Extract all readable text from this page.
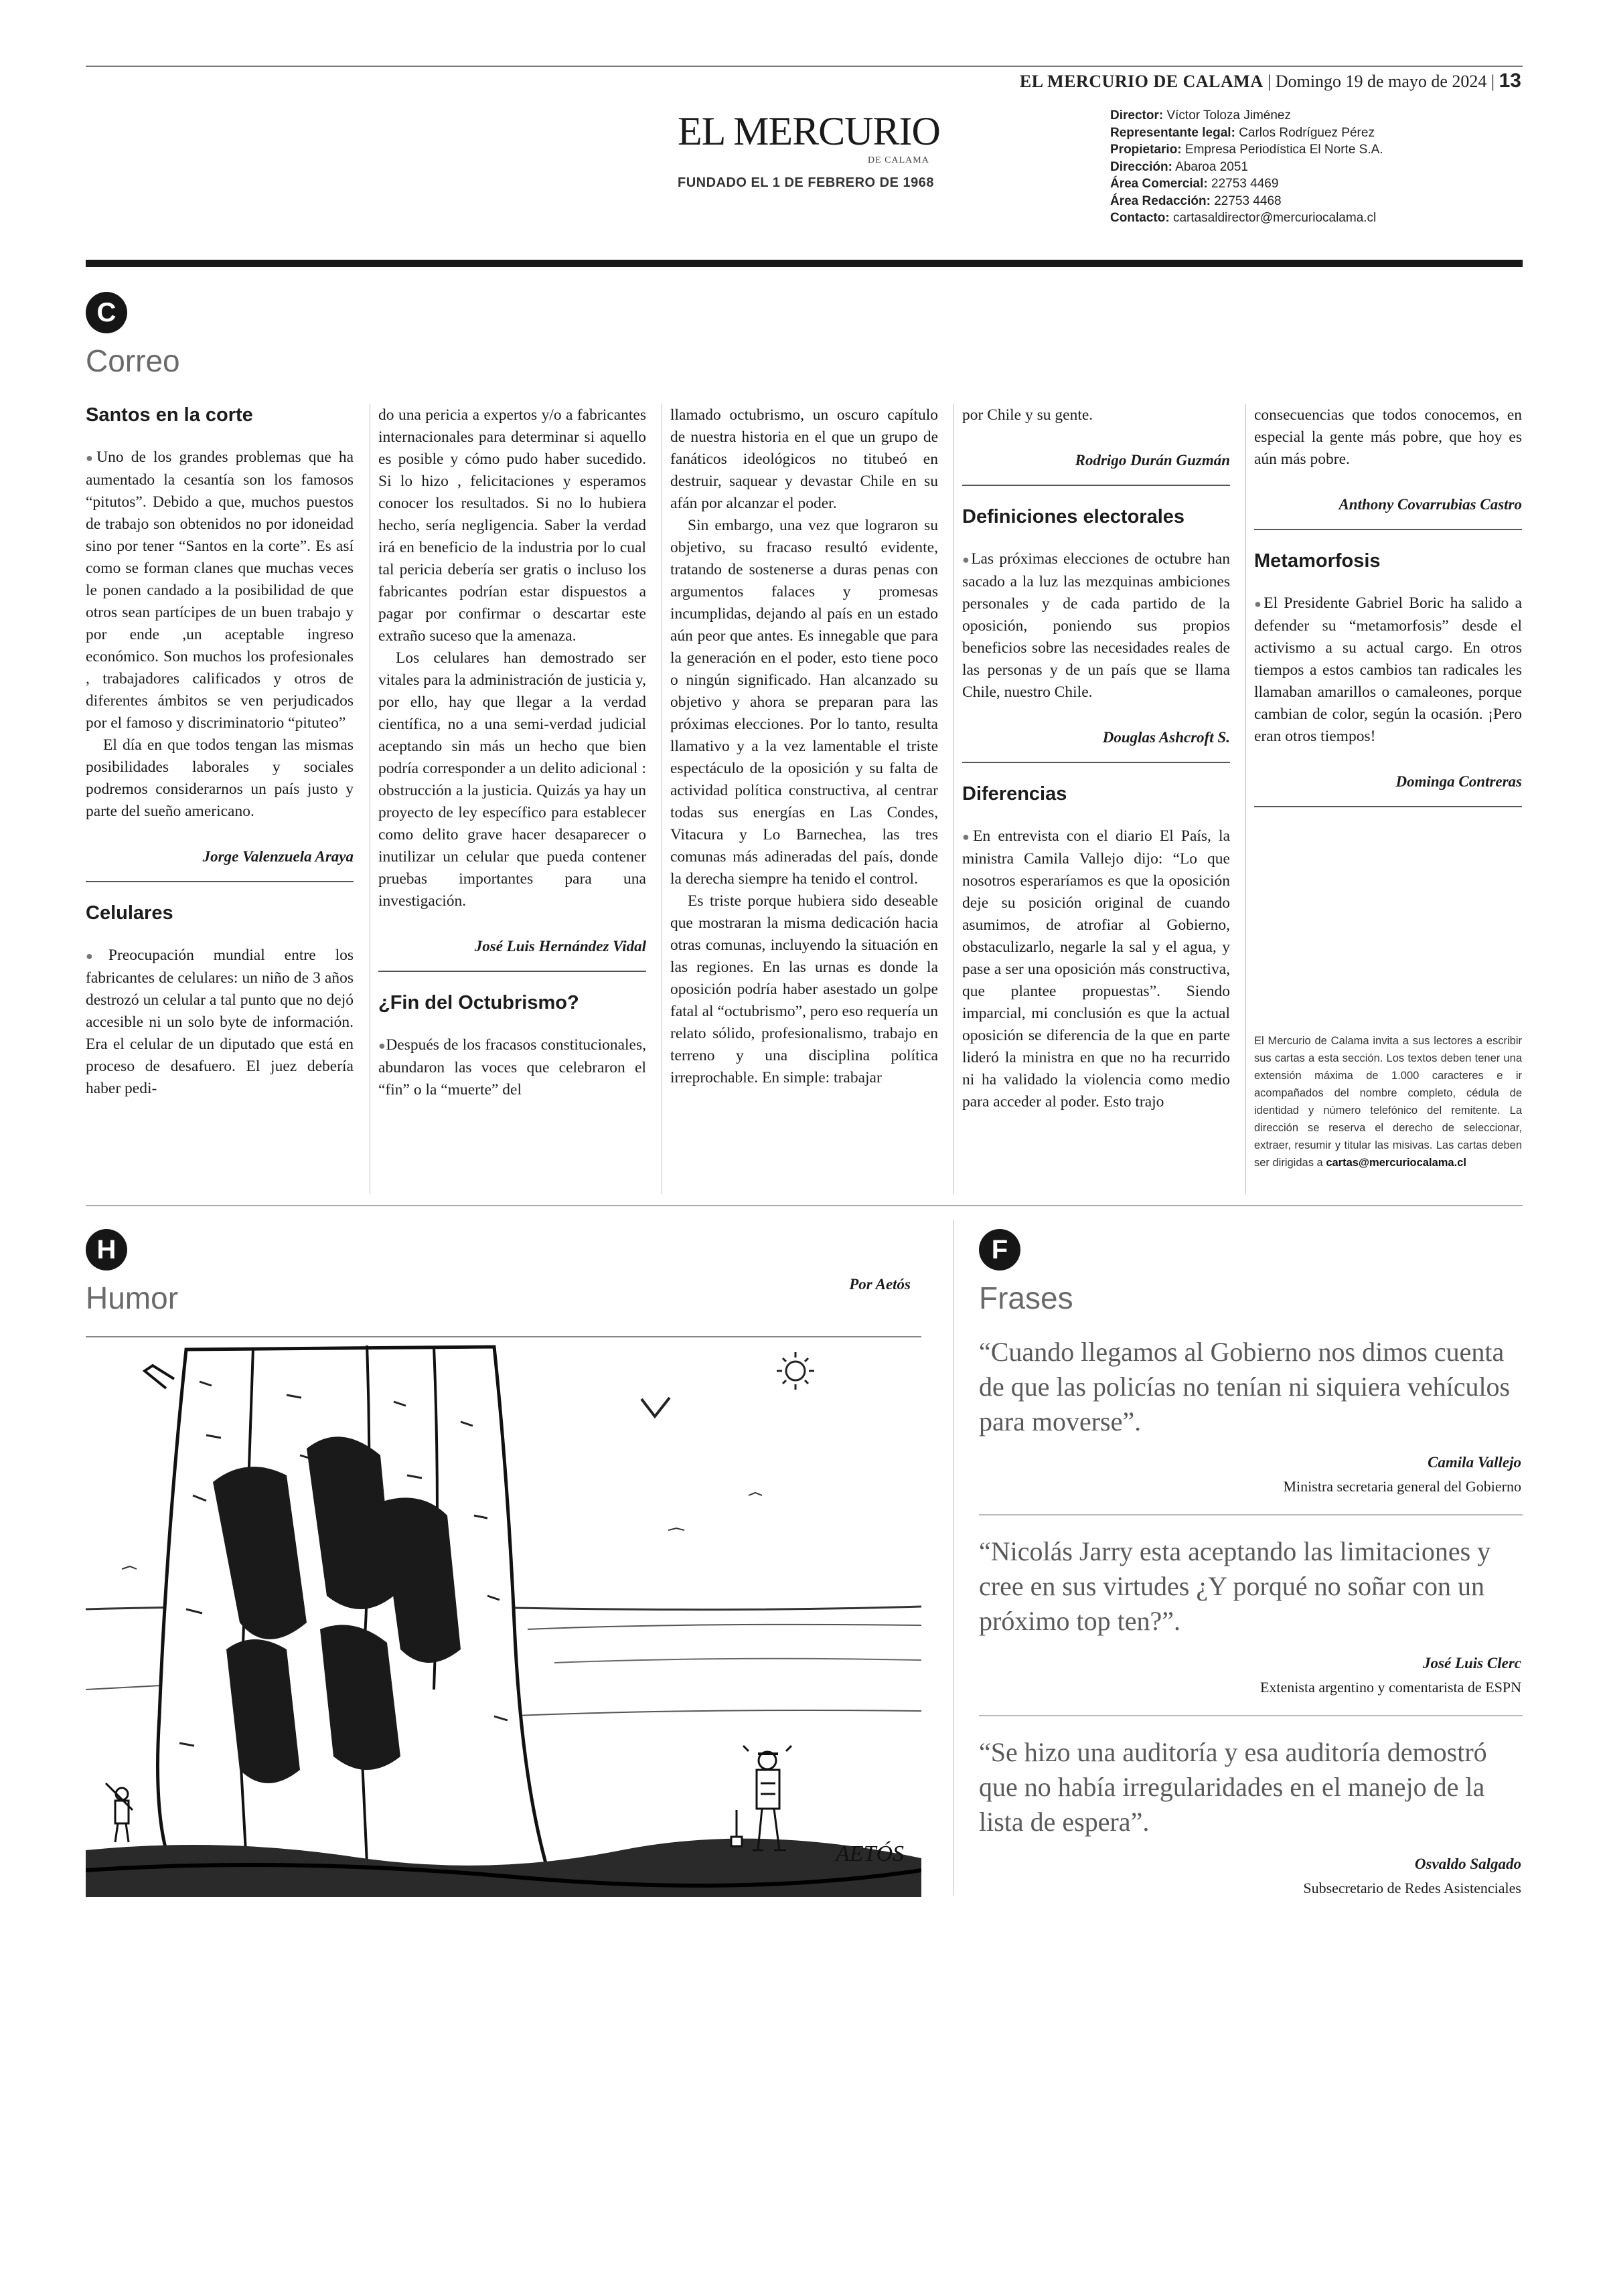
EL MERCURIO DE CALAMA | Domingo 19 de mayo de 2024 | 13
EL MERCURIO
DE CALAMA
FUNDADO EL 1 DE FEBRERO DE 1968
Director: Víctor Toloza Jiménez
Representante legal: Carlos Rodríguez Pérez
Propietario: Empresa Periodística El Norte S.A.
Dirección: Abaroa 2051
Área Comercial: 22753 4469
Área Redacción: 22753 4468
Contacto: cartasaldirector@mercuriocalama.cl
C
Correo
Santos en la corte

● Uno de los grandes problemas que ha aumentado la cesantía son los famosos “pitutos”. Debido a que, muchos puestos de trabajo son obtenidos no por idoneidad sino por tener “Santos en la corte”. Es así como se forman clanes que muchas veces le ponen candado a la posibilidad de que otros sean partícipes de un buen trabajo y por ende ,un aceptable ingreso económico. Son muchos los profesionales , trabajadores calificados y otros de diferentes ámbitos se ven perjudicados por el famoso y discriminatorio “pituteo”

El día en que todos tengan las mismas posibilidades laborales y sociales podremos considerarnos un país justo y parte del sueño americano.

Jorge Valenzuela Araya
Celulares

● Preocupación mundial entre los fabricantes de celulares: un niño de 3 años destrozó un celular a tal punto que no dejó accesible ni un solo byte de información. Era el celular de un diputado que está en proceso de desafuero. El juez debería haber pedi-

do una pericia a expertos y/o a fabricantes internacionales para determinar si aquello es posible y cómo pudo haber sucedido. Si lo hizo , felicitaciones y esperamos conocer los resultados. Si no lo hubiera hecho, sería negligencia. Saber la verdad irá en beneficio de la industria por lo cual tal pericia debería ser gratis o incluso los fabricantes podrían estar dispuestos a pagar por confirmar o descartar este extraño suceso que la amenaza.

Los celulares han demostrado ser vitales para la administración de justicia y, por ello, hay que llegar a la verdad científica, no a una semi-verdad judicial aceptando sin más un hecho que bien podría corresponder a un delito adicional : obstrucción a la justicia. Quizás ya hay un proyecto de ley específico para establecer como delito grave hacer desaparecer o inutilizar un celular que pueda contener pruebas importantes para una investigación.

José Luis Hernández Vidal
¿Fin del Octubrismo?

● Después de los fracasos constitucionales, abundaron las voces que celebraron el “fin” o la “muerte” del

llamado octubrismo, un oscuro capítulo de nuestra historia en el que un grupo de fanáticos ideológicos no titubeó en destruir, saquear y devastar Chile en su afán por alcanzar el poder.

Sin embargo, una vez que lograron su objetivo, su fracaso resultó evidente, tratando de sostenerse a duras penas con argumentos falaces y promesas incumplidas, dejando al país en un estado aún peor que antes. Es innegable que para la generación en el poder, esto tiene poco o ningún significado. Han alcanzado su objetivo y ahora se preparan para las próximas elecciones. Por lo tanto, resulta llamativo y a la vez lamentable el triste espectáculo de la oposición y su falta de actividad política constructiva, al centrar todas sus energías en Las Condes, Vitacura y Lo Barnechea, las tres comunas más adineradas del país, donde la derecha siempre ha tenido el control.

Es triste porque hubiera sido deseable que mostraran la misma dedicación hacia otras comunas, incluyendo la situación en las regiones. En las urnas es donde la oposición podría haber asestado un golpe fatal al “octubrismo”, pero eso requería un relato sólido, profesionalismo, trabajo en terreno y una disciplina política irreprochable. En simple: trabajar

por Chile y su gente.

Rodrigo Durán Guzmán
Definiciones electorales

● Las próximas elecciones de octubre han sacado a la luz las mezquinas ambiciones personales y de cada partido de la oposición, poniendo sus propios beneficios sobre las necesidades reales de las personas y de un país que se llama Chile, nuestro Chile.

Douglas Ashcroft S.
Diferencias

● En entrevista con el diario El País, la ministra Camila Vallejo dijo: “Lo que nosotros esperaríamos es que la oposición deje su posición original de cuando asumimos, de atrofiar al Gobierno, obstaculizarlo, negarle la sal y el agua, y pase a ser una oposición más constructiva, que plantee propuestas”. Siendo imparcial, mi conclusión es que la actual oposición se diferencia de la que en parte lideró la ministra en que no ha recurrido ni ha validado la violencia como medio para acceder al poder. Esto trajo

consecuencias que todos conocemos, en especial la gente más pobre, que hoy es aún más pobre.

Anthony Covarrubias Castro
Metamorfosis

● El Presidente Gabriel Boric ha salido a defender su “metamorfosis” desde el activismo a su actual cargo. En otros tiempos a estos cambios tan radicales les llamaban amarillos o camaleones, porque cambian de color, según la ocasión. ¡Pero eran otros tiempos!

Dominga Contreras
El Mercurio de Calama invita a sus lectores a escribir sus cartas a esta sección. Los textos deben tener una extensión máxima de 1.000 caracteres e ir acompañados del nombre completo, cédula de identidad y número telefónico del remitente. La dirección se reserva el derecho de seleccionar, extraer, resumir y titular las misivas. Las cartas deben ser dirigidas a cartas@mercuriocalama.cl
H
Humor	Por Aetós
AETÓS
F
Frases
“Cuando llegamos al Gobierno nos dimos cuenta de que las policías no tenían ni siquiera vehículos para moverse”.
Camila Vallejo
Ministra secretaria general del Gobierno
“Nicolás Jarry esta aceptando las limitaciones y cree en sus virtudes ¿Y porqué no soñar con un próximo top ten?”.
José Luis Clerc
Extenista argentino y comentarista de ESPN
“Se hizo una auditoría y esa auditoría demostró que no había irregularidades en el manejo de la lista de espera”.
Osvaldo Salgado
Subsecretario de Redes Asistenciales
